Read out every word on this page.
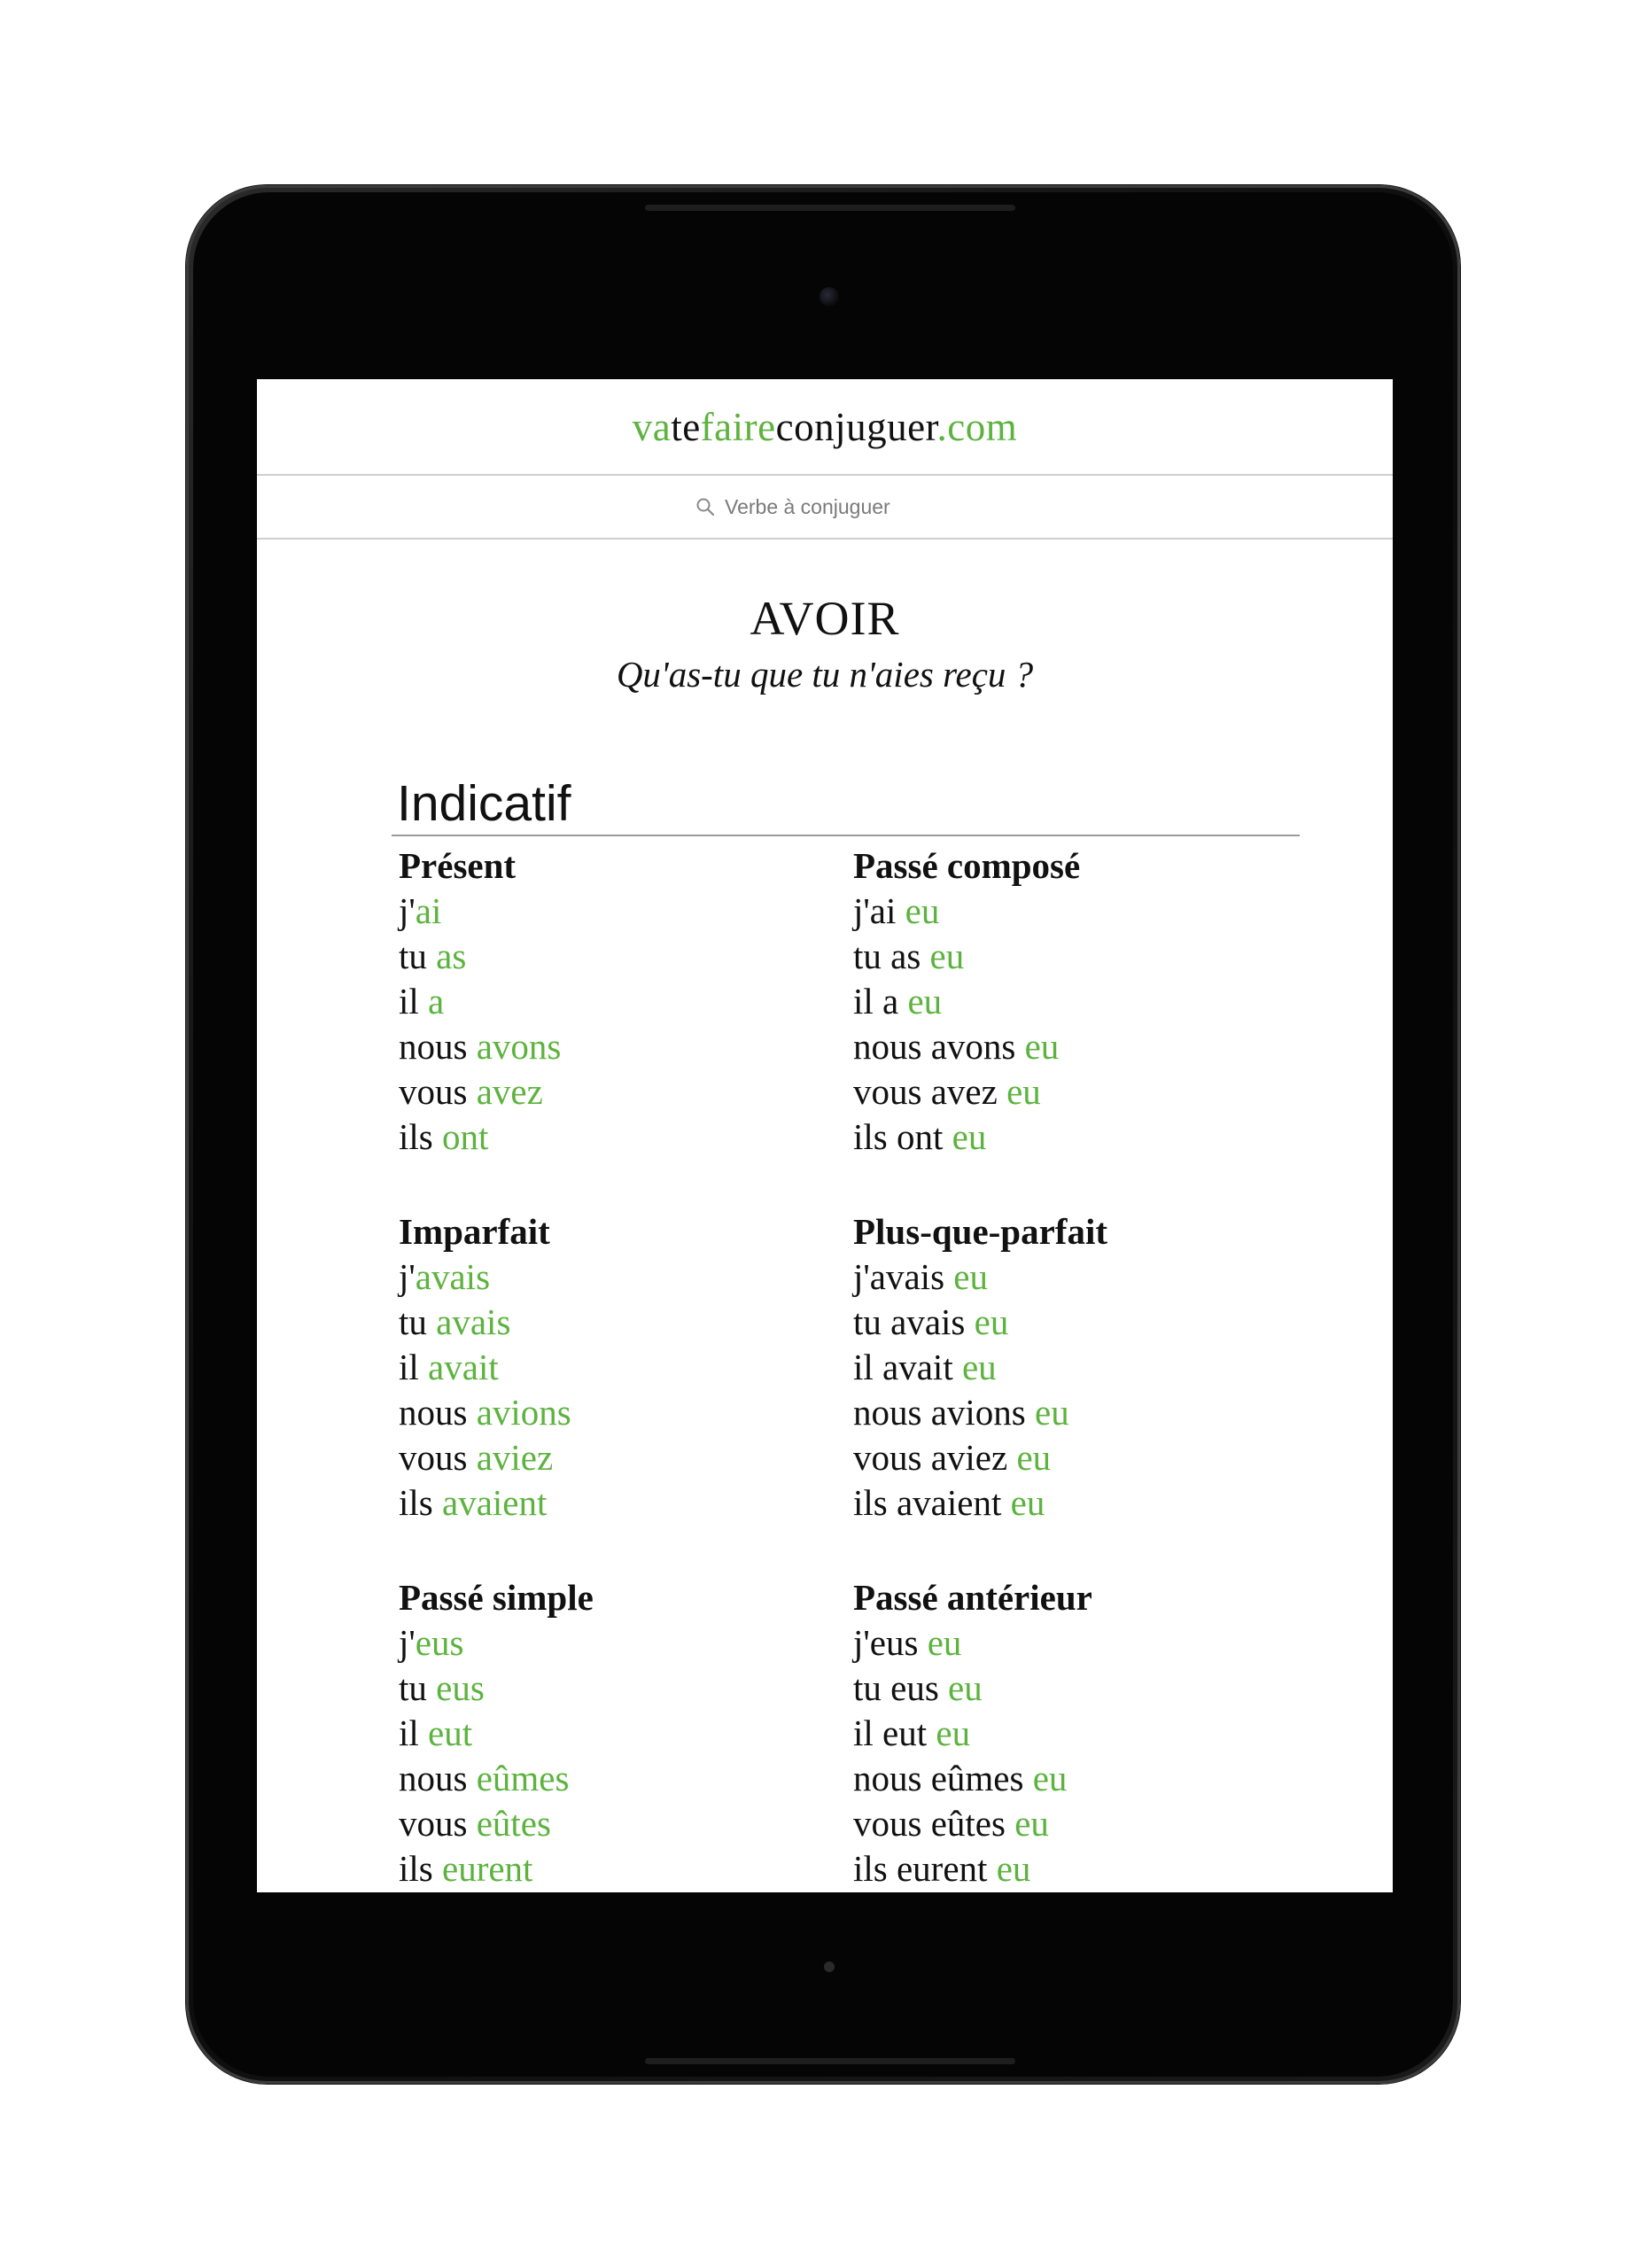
vatefaireconjuguer.com
Verbe à conjuguer
AVOIR
Qu'as-tu que tu n'aies reçu ?
Indicatif
Présent
j'ai
tu as
il a
nous avons
vous avez
ils ont
Passé composé
j'ai eu
tu as eu
il a eu
nous avons eu
vous avez eu
ils ont eu
Imparfait
j'avais
tu avais
il avait
nous avions
vous aviez
ils avaient
Plus-que-parfait
j'avais eu
tu avais eu
il avait eu
nous avions eu
vous aviez eu
ils avaient eu
Passé simple
j'eus
tu eus
il eut
nous eûmes
vous eûtes
ils eurent
Passé antérieur
j'eus eu
tu eus eu
il eut eu
nous eûmes eu
vous eûtes eu
ils eurent eu
